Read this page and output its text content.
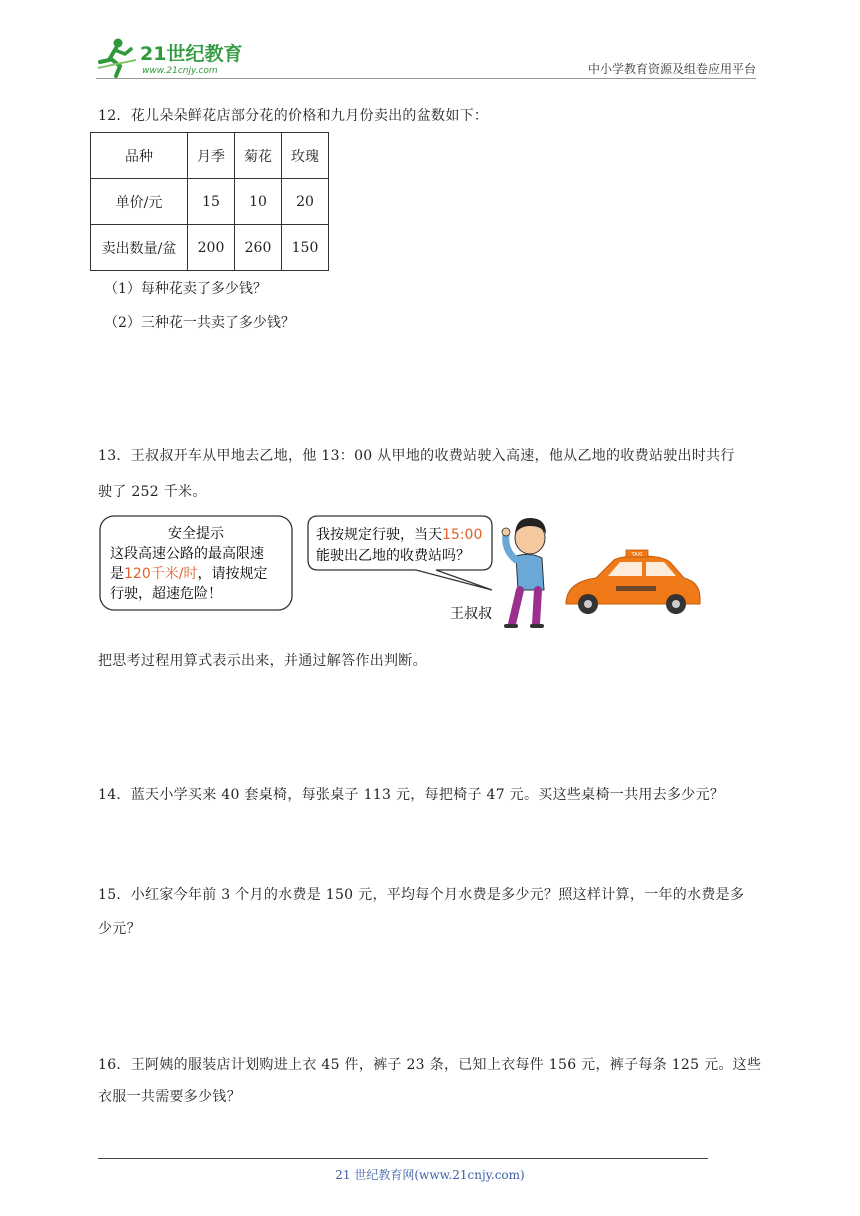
21世纪教育
www.21cnjy.com	中小学教育资源及组卷应用平台
12．花儿朵朵鲜花店部分花的价格和九月份卖出的盆数如下：
品种	月季	菊花	玫瑰
单价/元	15	10	20
卖出数量/盆	200	260	150
（1）每种花卖了多少钱？
（2）三种花一共卖了多少钱？
13．王叔叔开车从甲地去乙地，他 13：00 从甲地的收费站驶入高速，他从乙地的收费站驶出时共行
驶了 252 千米。
安全提示
这段高速公路的最高限速
是120千米/时，请按规定
行驶，超速危险！
我按规定行驶，当天15:00
能驶出乙地的收费站吗？
王叔叔
TAXI
把思考过程用算式表示出来，并通过解答作出判断。
14．蓝天小学买来 40 套桌椅，每张桌子 113 元，每把椅子 47 元。买这些桌椅一共用去多少元？
15．小红家今年前 3 个月的水费是 150 元，平均每个月水费是多少元？照这样计算，一年的水费是多
少元？
16．王阿姨的服装店计划购进上衣 45 件，裤子 23 条，已知上衣每件 156 元，裤子每条 125 元。这些
衣服一共需要多少钱？
21 世纪教育网(www.21cnjy.com)
